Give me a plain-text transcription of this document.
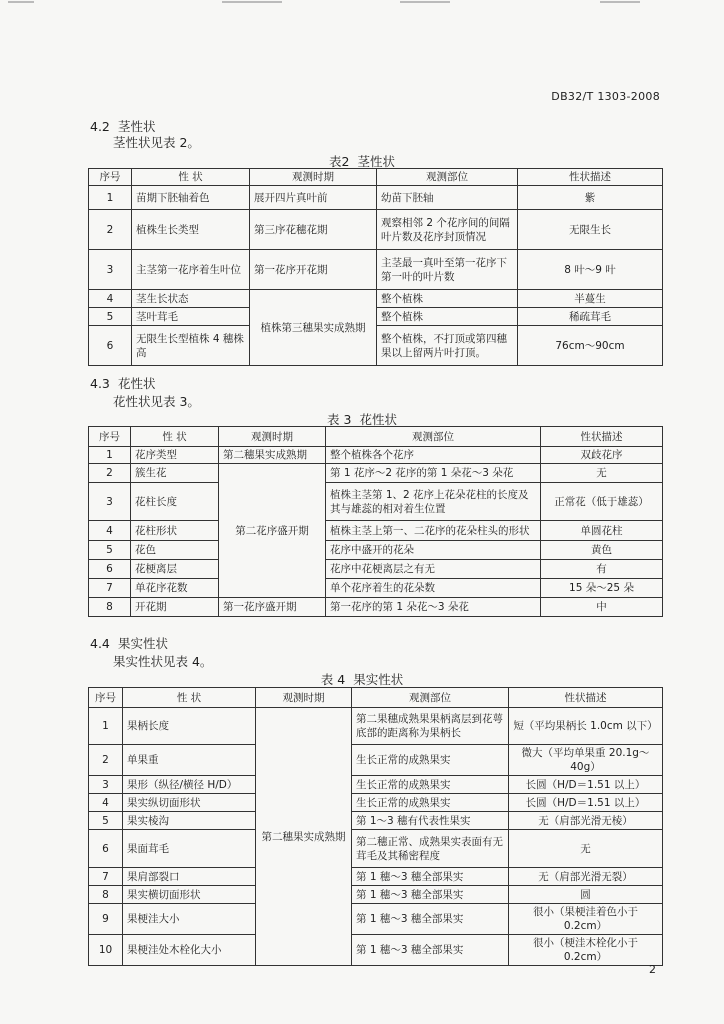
DB32/T 1303-2008
4.2 茎性状
茎性状见表 2。
表2 茎性状
序号	性 状	观测时期	观测部位	性状描述
1	苗期下胚轴着色	展开四片真叶前	幼苗下胚轴	紫
2	植株生长类型	第三序花穗花期	观察相邻 2 个花序间的间隔叶片数及花序封顶情况	无限生长
3	主茎第一花序着生叶位	第一花序开花期	主茎最一真叶至第一花序下第一叶的叶片数	8 叶～9 叶
4	茎生长状态	植株第三穗果实成熟期	整个植株	半蔓生
5	茎叶茸毛		整个植株	稀疏茸毛
6	无限生长型植株 4 穗株高		整个植株，不打顶或第四穗果以上留两片叶打顶。	76cm～90cm
4.3 花性状
花性状见表 3。
表 3 花性状
序号	性 状	观测时期	观测部位	性状描述
1	花序类型	第二穗果实成熟期	整个植株各个花序	双歧花序
2	簇生花	第二花序盛开期	第 1 花序～2 花序的第 1 朵花～3 朵花	无
3	花柱长度		植株主茎第 1、2 花序上花朵花柱的长度及其与雄蕊的相对着生位置	正常花（低于雄蕊）
4	花柱形状		植株主茎上第一、二花序的花朵柱头的形状	单圆花柱
5	花色		花序中盛开的花朵	黄色
6	花梗离层		花序中花梗离层之有无	有
7	单花序花数		单个花序着生的花朵数	15 朵～25 朵
8	开花期	第一花序盛开期	第一花序的第 1 朵花～3 朵花	中
4.4 果实性状
果实性状见表 4。
表 4 果实性状
序号	性 状	观测时期	观测部位	性状描述
1	果柄长度	第二穗果实成熟期	第二果穗成熟果果柄离层到花萼底部的距离称为果柄长	短（平均果柄长 1.0cm 以下）
2	单果重		生长正常的成熟果实	微大（平均单果重 20.1g～40g）
3	果形（纵径/横径 H/D）		生长正常的成熟果实	长圆（H/D＝1.51 以上）
4	果实纵切面形状		生长正常的成熟果实	长圆（H/D＝1.51 以上）
5	果实棱沟		第 1～3 穗有代表性果实	无（肩部光滑无棱）
6	果面茸毛		第二穗正常、成熟果实表面有无茸毛及其稀密程度	无
7	果肩部裂口		第 1 穗～3 穗全部果实	无（肩部光滑无裂）
8	果实横切面形状		第 1 穗～3 穗全部果实	圆
9	果梗洼大小		第 1 穗～3 穗全部果实	很小（果梗洼着色小于 0.2cm）
10	果梗洼处木栓化大小		第 1 穗～3 穗全部果实	很小（梗洼木栓化小于 0.2cm）
2
